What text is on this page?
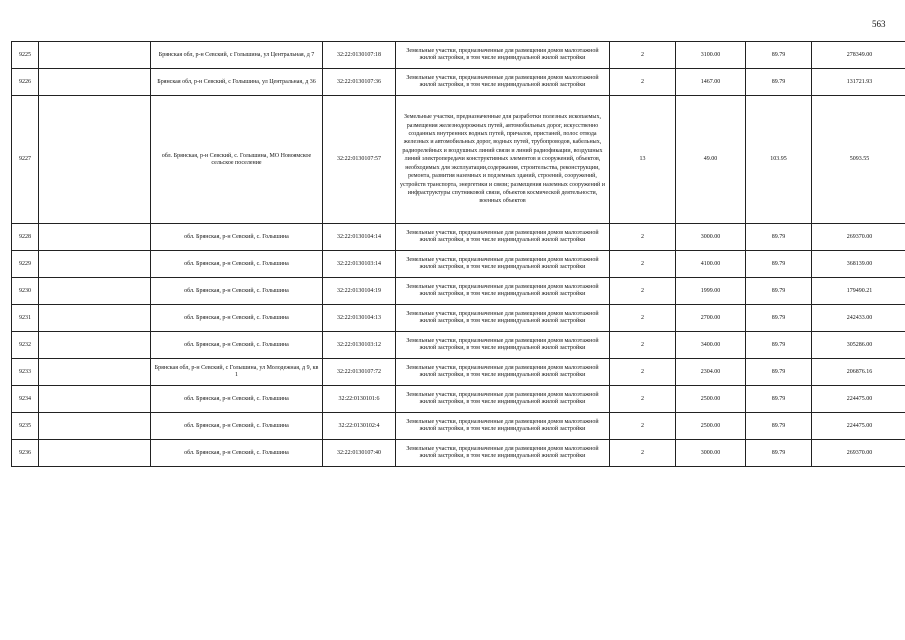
563
9225		Брянская обл, р-н Севский, с Голышина, ул Центральная, д 7	32:22:0130107:18	Земельные участки, предназначенные для размещения домов малоэтажной жилой застройки, в том числе индивидуальной жилой застройки	2	3100.00	89.79	278349.00
9226		Брянская обл, р-н Севский, с Голышина, ул Центральная, д 36	32:22:0130107:36	Земельные участки, предназначенные для размещения домов малоэтажной жилой застройки, в том числе индивидуальной жилой застройки	2	1467.00	89.79	131721.93
9227		обл. Брянская, р-н Севский, с. Голышина, МО Новоямское сельское поселение	32:22:0130107:57	Земельные участки, предназначенные для разработки полезных ископаемых, размещения железнодорожных путей, автомобильных дорог, искусственно созданных внутренних водных путей, причалов, пристаней, полос отвода железных и автомобильных дорог, водных путей, трубопроводов, кабельных, радиорелейных и воздушных линий связи и линий радиофикации, воздушных линий электропередачи конструктивных элементов и сооружений, объектов, необходимых для эксплуатации,содержания, строительства, реконструкции, ремонта, развития наземных и подземных зданий, строений, сооружений, устройств транспорта, энергетики и связи; размещения наземных сооружений и инфраструктуры спутниковой связи, объектов космической деятельности, военных объектов	13	49.00	103.95	5093.55
9228		обл. Брянская, р-н Севский, с. Голышина	32:22:0130104:14	Земельные участки, предназначенные для размещения домов малоэтажной жилой застройки, в том числе индивидуальной жилой застройки	2	3000.00	89.79	269370.00
9229		обл. Брянская, р-н Севский, с. Голышина	32:22:0130103:14	Земельные участки, предназначенные для размещения домов малоэтажной жилой застройки, в том числе индивидуальной жилой застройки	2	4100.00	89.79	368139.00
9230		обл. Брянская, р-н Севский, с. Голышина	32:22:0130104:19	Земельные участки, предназначенные для размещения домов малоэтажной жилой застройки, в том числе индивидуальной жилой застройки	2	1999.00	89.79	179490.21
9231		обл. Брянская, р-н Севский, с. Голышина	32:22:0130104:13	Земельные участки, предназначенные для размещения домов малоэтажной жилой застройки, в том числе индивидуальной жилой застройки	2	2700.00	89.79	242433.00
9232		обл. Брянская, р-н Севский, с. Голышина	32:22:0130103:12	Земельные участки, предназначенные для размещения домов малоэтажной жилой застройки, в том числе индивидуальной жилой застройки	2	3400.00	89.79	305286.00
9233		Брянская обл, р-н Севский, с Голышина, ул Молодежная, д 9, кв 1	32:22:0130107:72	Земельные участки, предназначенные для размещения домов малоэтажной жилой застройки, в том числе индивидуальной жилой застройки	2	2304.00	89.79	206876.16
9234		обл. Брянская, р-н Севский, с. Голышина	32:22:0130101:6	Земельные участки, предназначенные для размещения домов малоэтажной жилой застройки, в том числе индивидуальной жилой застройки	2	2500.00	89.79	224475.00
9235		обл. Брянская, р-н Севский, с. Голышина	32:22:0130102:4	Земельные участки, предназначенные для размещения домов малоэтажной жилой застройки, в том числе индивидуальной жилой застройки	2	2500.00	89.79	224475.00
9236		обл. Брянская, р-н Севский, с. Голышина	32:22:0130107:40	Земельные участки, предназначенные для размещения домов малоэтажной жилой застройки, в том числе индивидуальной жилой застройки	2	3000.00	89.79	269370.00
